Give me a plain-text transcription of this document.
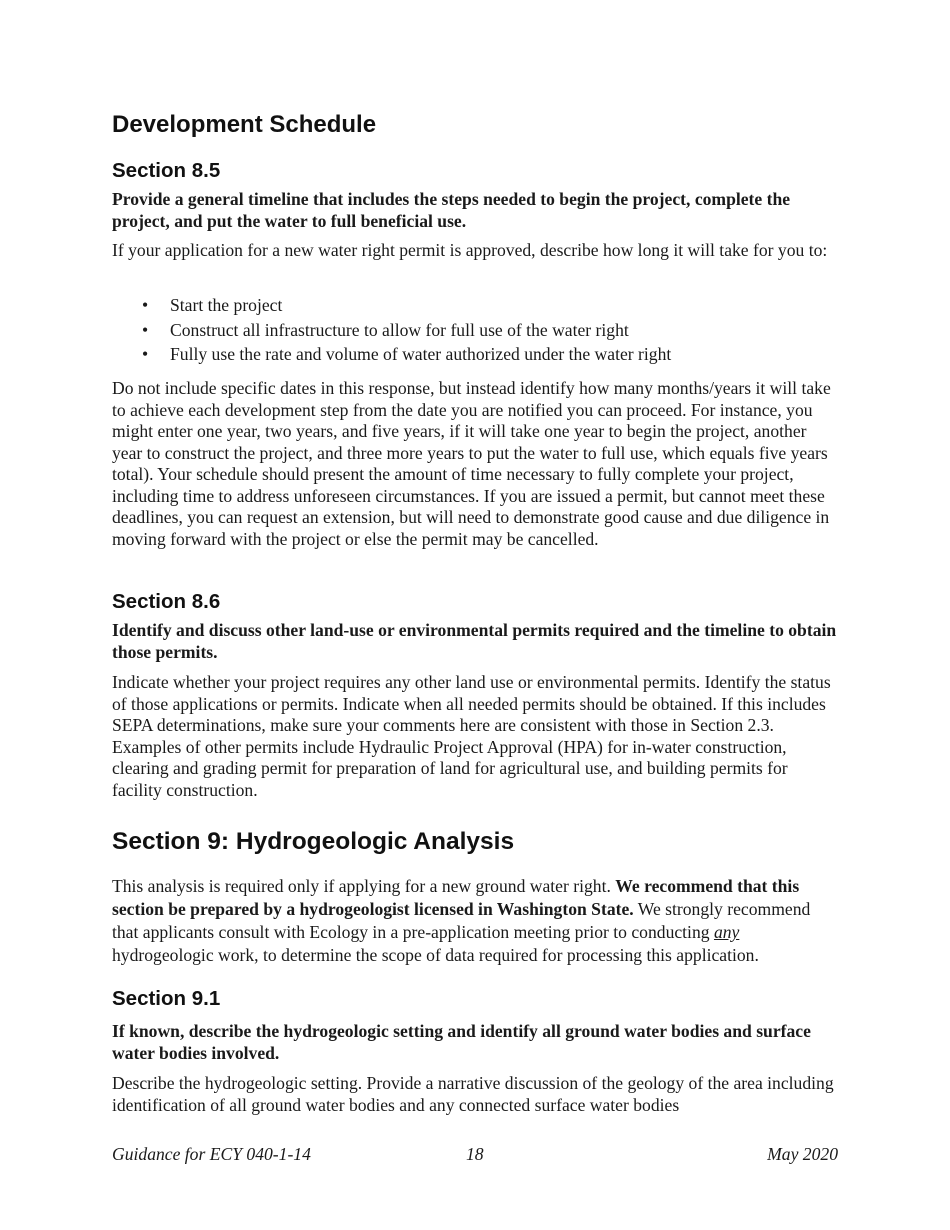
Development Schedule
Section 8.5

Provide a general timeline that includes the steps needed to begin the project, complete the project, and put the water to full beneficial use.

If your application for a new water right permit is approved, describe how long it will take for you to:

• Start the project
• Construct all infrastructure to allow for full use of the water right
• Fully use the rate and volume of water authorized under the water right

Do not include specific dates in this response, but instead identify how many months/years it will take to achieve each development step from the date you are notified you can proceed. For instance, you might enter one year, two years, and five years, if it will take one year to begin the project, another year to construct the project, and three more years to put the water to full use, which equals five years total). Your schedule should present the amount of time necessary to fully complete your project, including time to address unforeseen circumstances. If you are issued a permit, but cannot meet these deadlines, you can request an extension, but will need to demonstrate good cause and due diligence in moving forward with the project or else the permit may be cancelled.

Section 8.6

Identify and discuss other land-use or environmental permits required and the timeline to obtain those permits.

Indicate whether your project requires any other land use or environmental permits. Identify the status of those applications or permits. Indicate when all needed permits should be obtained. If this includes SEPA determinations, make sure your comments here are consistent with those in Section 2.3. Examples of other permits include Hydraulic Project Approval (HPA) for in-water construction, clearing and grading permit for preparation of land for agricultural use, and building permits for facility construction.

Section 9: Hydrogeologic Analysis

This analysis is required only if applying for a new ground water right. We recommend that this section be prepared by a hydrogeologist licensed in Washington State. We strongly recommend that applicants consult with Ecology in a pre-application meeting prior to conducting any hydrogeologic work, to determine the scope of data required for processing this application.

Section 9.1

If known, describe the hydrogeologic setting and identify all ground water bodies and surface water bodies involved.

Describe the hydrogeologic setting. Provide a narrative discussion of the geology of the area including identification of all ground water bodies and any connected surface water bodies

Guidance for ECY 040-1-14	18	May 2020
